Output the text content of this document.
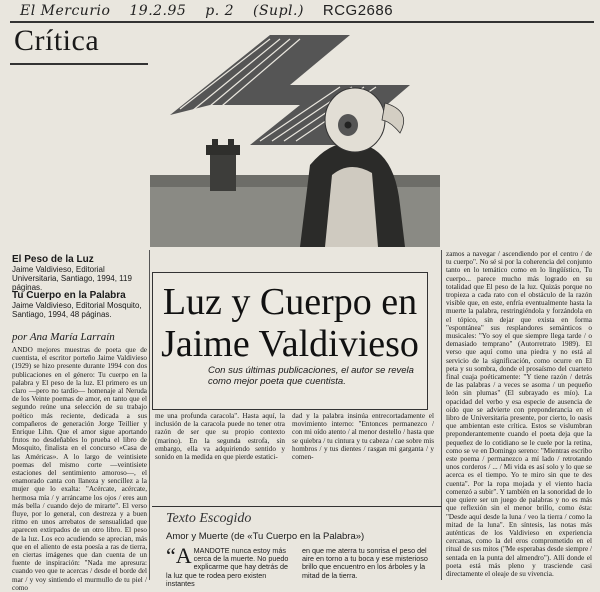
El Mercurio 19.2.95 p. 2 (Supl.) RCG2686
Crítica
El Peso de la Luz
Jaime Valdivieso, Editorial Universitaria, Santiago, 1994, 119 páginas.
Tu Cuerpo en la Palabra
Jaime Valdivieso, Editorial Mosquito, Santiago, 1994, 48 páginas.
por Ana María Larraín
Luz y Cuerpo en Jaime Valdivieso
Con sus últimas publicaciones, el autor se revela como mejor poeta que cuentista.

ANDO mejores muestras de poeta que de cuentista, el escritor porteño Jaime Valdivieso (1929) se hizo presente durante 1994 con dos publicaciones en el género: Tu cuerpo en la palabra y El peso de la luz. El primero es un claro —pero no tardío— homenaje al Neruda de los Veinte poemas de amor, en tanto que el segundo reúne una selección de su trabajo poético más reciente, dedicada a sus compañeros de generación Jorge Teillier y Enrique Lihn. Que el amor sigue aportando frutos no desdeñables lo prueba el libro de Mosquito, finalista en el concurso «Casa de las Américas». A lo largo de veintisiete poemas del mismo corte —veintisiete estaciones del sentimiento amoroso—, el enamorado canta con llaneza y sencillez a la mujer que lo exalta: "Acércate, acércate, hermosa mía / y arráncame los ojos / eres aun más bella / cuando dejo de mirarte". El verso fluye, por lo general, con destreza y a buen ritmo en unos arrebatos de sensualidad que aparecen extirpados de un otro libro. El peso de la luz. Los eco acudiendo se aprecian, más que en el aliento de esta poesía a ras de tierra, en ciertas imágenes que dan cuenta de un fuente de inspiración: "Nada me apresura: cuando veo que te acercas / desde el borde del mar / y voy sintiendo el murmullo de tu piel / como

me una profunda caracola". Hasta aquí, la inclusión de la caracola puede no tener otra razón de ser que su propio contexto (marino). En la segunda estrofa, sin embargo, ella va adquiriendo sentido y sonido en la medida en que pierde estatici-

dad y la palabra insinúa entrecortadamente el movimiento interno: "Entonces permanezco / con mi oído atento / al menor destello / hasta que se quiebra / tu cintura y tu cabeza / cae sobre mis hombros / y tus dientes / rasgan mi garganta / y comen-

zamos a navegar / ascendiendo por el centro / de tu cuerpo". No sé si por la coherencia del conjunto tanto en lo temático como en lo lingüístico, Tu cuerpo... parece mucho más logrado en su totalidad que El peso de la luz. Quizás porque no tropieza a cada rato con el obstáculo de la razón visible que, en este, enfría eventualmente hasta la muerte la palabra, restringiéndola y forzándola en el tópico, sin dejar que exista en forma "espontánea" sus resplandores semánticos o musicales: "Yo soy el que siempre llega tarde / o demasiado temprano" (Autorretrato 1989). El verso que aquí como una piedra y no está al servicio de la significación, como ocurre en El peta y su sombra, donde el prosaísmo del cuarteto final cuaja poéticamente: "Y tiene razón / detrás de las palabras / a veces se asoma / un pequeño león sin plumas" (El subrayado es mío). La opacidad del verbo y esa especie de ausencia de oído que se advierte con preponderancia en el libro de Universitaria presente, por cierto, lo oasis que ambientan este crítica. Estos se vislumbran preponderantemente cuando el poeta deja que la pequeñez de lo cotidiano se le cuele por la retina, como se ve en Domingo sereno: "Mientras escribo este poema / permanezco a mí lado / retrotando unos corderos / ... / Mi vida es así solo y lo que se acerca es el tiempo. Yo te miro sin que te des cuenta". Por la ropa mojada y el viento hacia comenzó a subir". Y también en la sonoridad de lo que quiere ser un juego de palabras y no es más que reflexión sin el menor brillo, como ésta: "Desde aquí desde la luna / veo la tierra / como la mitad de la luna". En síntesis, las notas más auténticas de los Valdivieso en experiencia cercanas, como la del eros comprometido en el ritual de sus mitos ("Me esperabas desde siempre / sentada en la punta del almendro"). Allí donde el poeta está más pleno y trasciende casi directamente el oleaje de su vivencia.

Texto Escogido
Amor y Muerte (de «Tu Cuerpo en la Palabra»)
“AMANDOTE nunca estoy más cerca de la muerte. No puedo explicarme que hay detrás de la luz que te rodea pero existen instantes
en que me aterra tu sonrisa el peso del aire en torno a tu boca y ese misterioso brillo que encuentro en los árboles y la mitad de la tierra.
